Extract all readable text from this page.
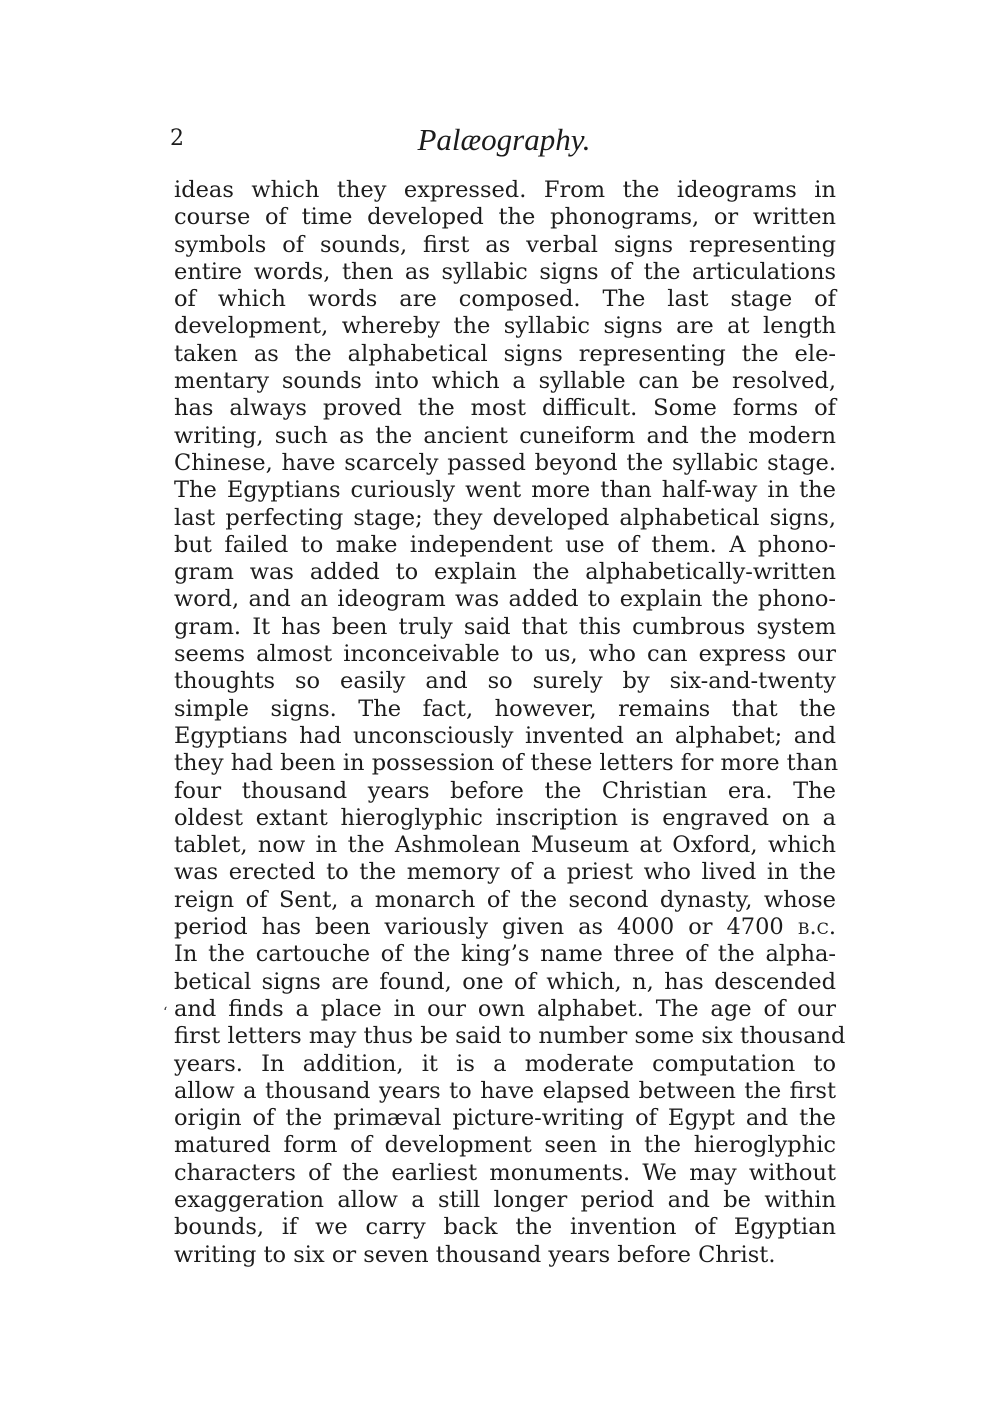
2	Palæography.
‘
ideas which they expressed. From the ideograms in
course of time developed the phonograms, or written
symbols of sounds, first as verbal signs representing
entire words, then as syllabic signs of the articulations
of which words are composed. The last stage of
development, whereby the syllabic signs are at length
taken as the alphabetical signs representing the ele-
mentary sounds into which a syllable can be resolved,
has always proved the most difficult. Some forms of
writing, such as the ancient cuneiform and the modern
Chinese, have scarcely passed beyond the syllabic stage.
The Egyptians curiously went more than half-way in the
last perfecting stage; they developed alphabetical signs,
but failed to make independent use of them. A phono-
gram was added to explain the alphabetically-written
word, and an ideogram was added to explain the phono-
gram. It has been truly said that this cumbrous system
seems almost inconceivable to us, who can express our
thoughts so easily and so surely by six-and-twenty
simple signs. The fact, however, remains that the
Egyptians had unconsciously invented an alphabet; and
they had been in possession of these letters for more than
four thousand years before the Christian era. The
oldest extant hieroglyphic inscription is engraved on a
tablet, now in the Ashmolean Museum at Oxford, which
was erected to the memory of a priest who lived in the
reign of Sent, a monarch of the second dynasty, whose
period has been variously given as 4000 or 4700 b.c.
In the cartouche of the king’s name three of the alpha-
betical signs are found, one of which, n, has descended
and finds a place in our own alphabet. The age of our
first letters may thus be said to number some six thousand
years. In addition, it is a moderate computation to
allow a thousand years to have elapsed between the first
origin of the primæval picture-writing of Egypt and the
matured form of development seen in the hieroglyphic
characters of the earliest monuments. We may without
exaggeration allow a still longer period and be within
bounds, if we carry back the invention of Egyptian
writing to six or seven thousand years before Christ.
